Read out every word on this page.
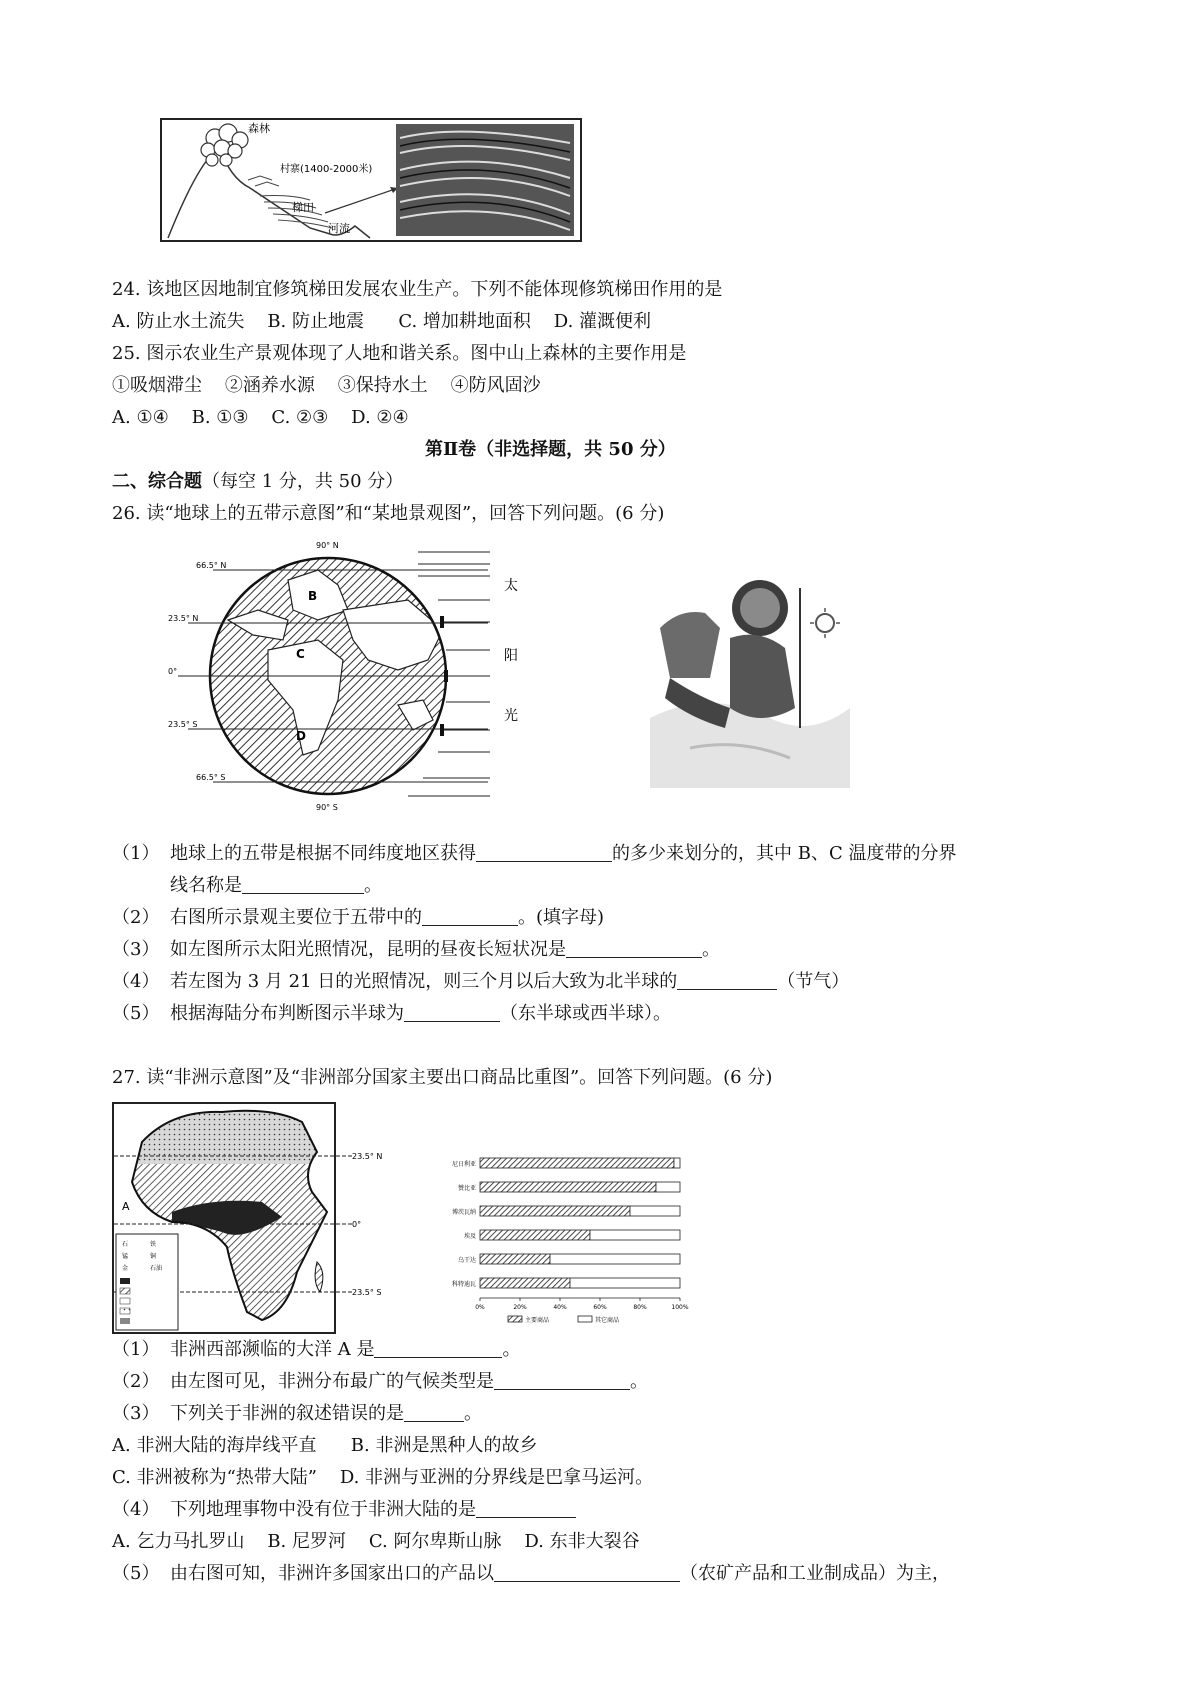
森林
村寨(1400-2000米)
梯田
河流
24. 该地区因地制宜修筑梯田发展农业生产。下列不能体现修筑梯田作用的是
A. 防止水土流失    B. 防止地震      C. 增加耕地面积    D. 灌溉便利
25. 图示农业生产景观体现了人地和谐关系。图中山上森林的主要作用是
①吸烟滞尘    ②涵养水源    ③保持水土    ④防风固沙
A. ①④    B. ①③    C. ②③    D. ②④
第Ⅱ卷（非选择题，共 50 分）
二、综合题（每空 1 分，共 50 分）
26. 读“地球上的五带示意图”和“某地景观图”，回答下列问题。(6 分)
90° N
66.5° N
23.5° N
0°
23.5° S
66.5° S
90° S
B
C
D
太
阳
光
（1） 地球上的五带是根据不同纬度地区获得	的多少来划分的，其中 B、C 温度带的分界
线名称是	。
（2） 右图所示景观主要位于五带中的	。(填字母)
（3） 如左图所示太阳光照情况，昆明的昼夜长短状况是	。
（4） 若左图为 3 月 21 日的光照情况，则三个月以后大致为北半球的	（节气）
（5） 根据海陆分布判断图示半球为	（东半球或西半球）。
27. 读“非洲示意图”及“非洲部分国家主要出口商品比重图”。回答下列问题。(6 分)
23.5° N
0°
23.5° S
A
石	铁
锰	铜
金	石油
尼日利亚
赞比亚
博茨瓦纳
埃及
乌干达
科特迪瓦
0%	20%	40%	60%	80%	100%
主要商品	其它商品
（1） 非洲西部濒临的大洋 A 是	。
（2） 由左图可见，非洲分布最广的气候类型是	。
（3） 下列关于非洲的叙述错误的是	。
A. 非洲大陆的海岸线平直      B. 非洲是黑种人的故乡
C. 非洲被称为“热带大陆”    D. 非洲与亚洲的分界线是巴拿马运河。
（4） 下列地理事物中没有位于非洲大陆的是
A. 乞力马扎罗山    B. 尼罗河    C. 阿尔卑斯山脉    D. 东非大裂谷
（5） 由右图可知，非洲许多国家出口的产品以	（农矿产品和工业制成品）为主，
